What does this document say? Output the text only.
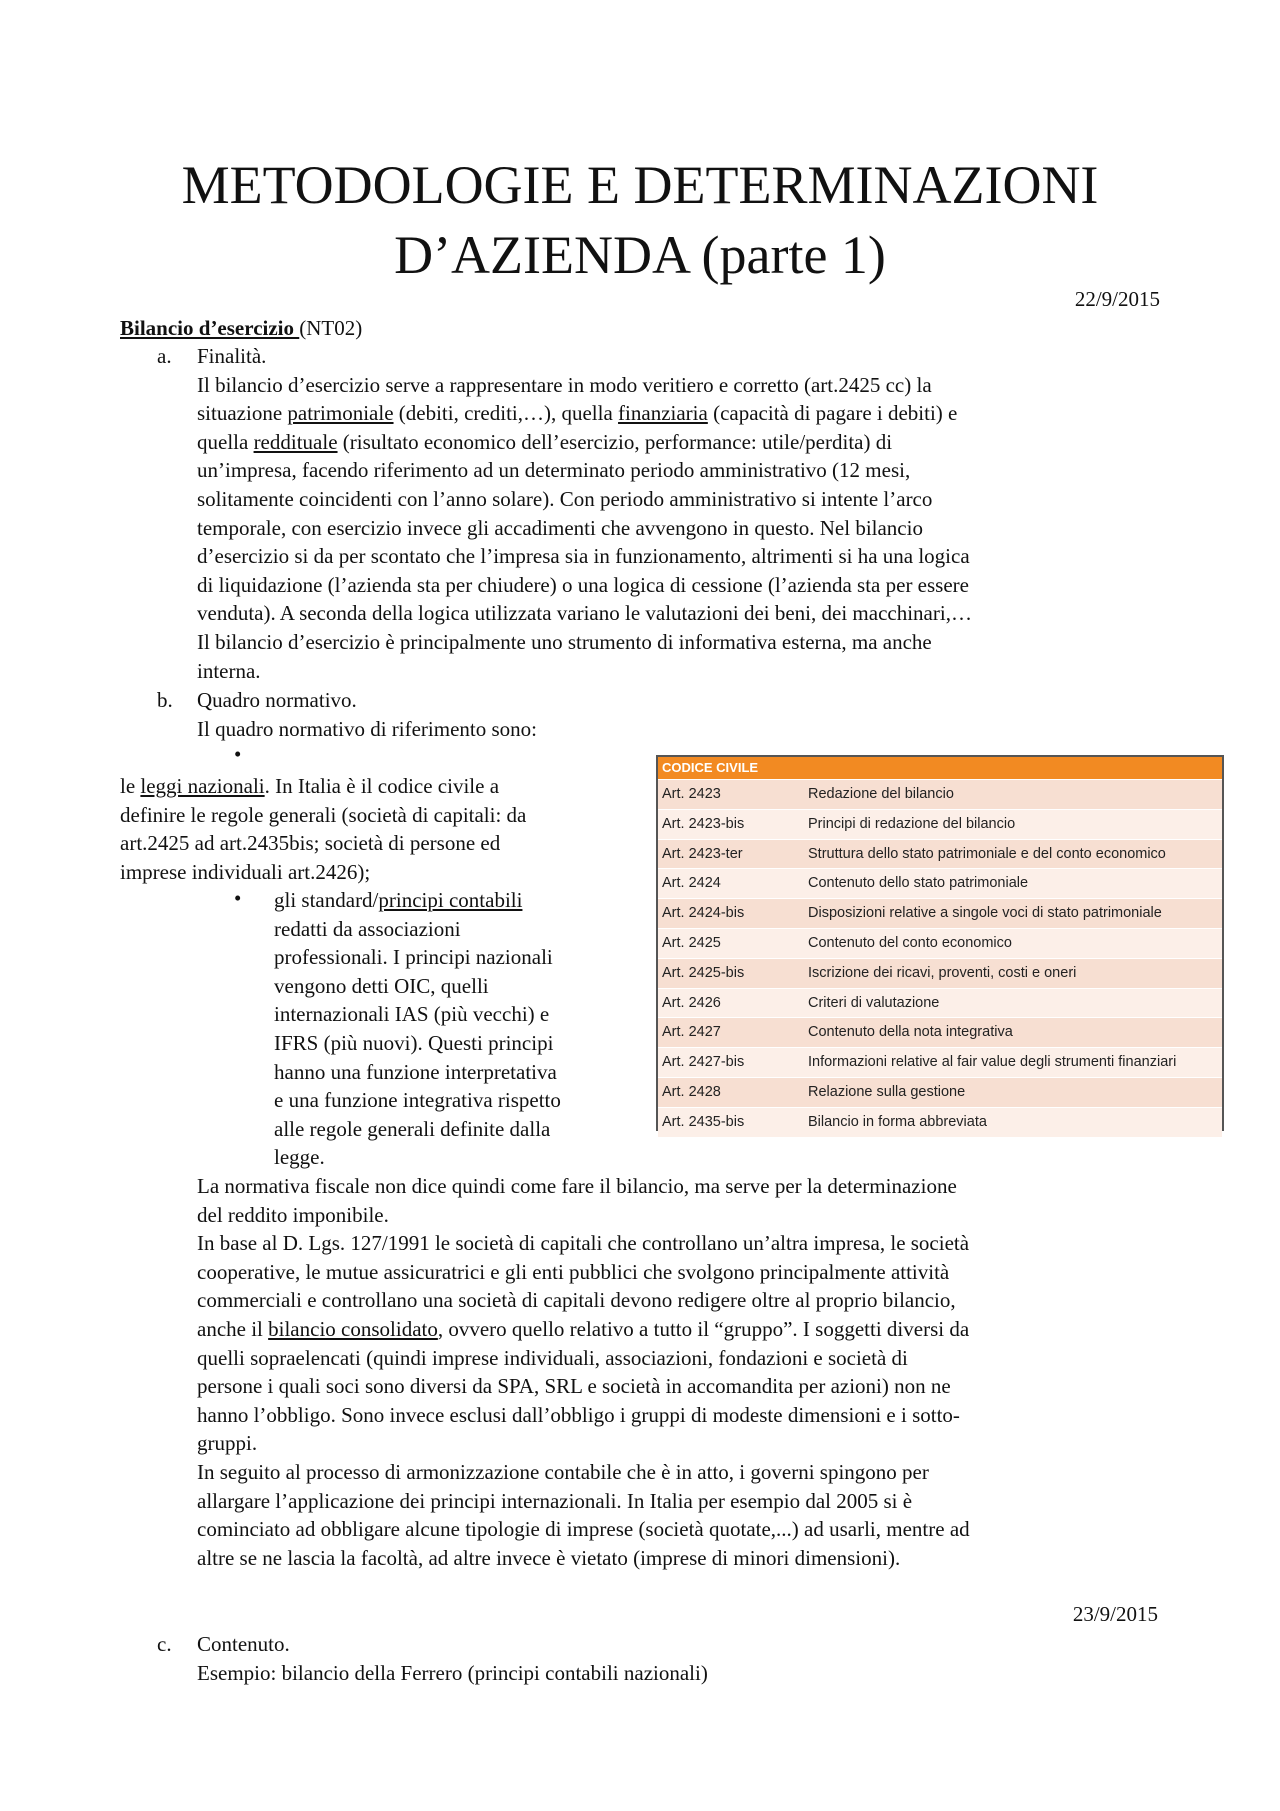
METODOLOGIE E DETERMINAZIONI
D’AZIENDA (parte 1)
22/9/2015
Bilancio d’esercizio (NT02)
a. Finalità.
Il bilancio d’esercizio serve a rappresentare in modo veritiero e corretto (art.2425 cc) la
situazione patrimoniale (debiti, crediti,…), quella finanziaria (capacità di pagare i debiti) e
quella reddituale (risultato economico dell’esercizio, performance: utile/perdita) di
un’impresa, facendo riferimento ad un determinato periodo amministrativo (12 mesi,
solitamente coincidenti con l’anno solare). Con periodo amministrativo si intente l’arco
temporale, con esercizio invece gli accadimenti che avvengono in questo. Nel bilancio
d’esercizio si da per scontato che l’impresa sia in funzionamento, altrimenti si ha una logica
di liquidazione (l’azienda sta per chiudere) o una logica di cessione (l’azienda sta per essere
venduta). A seconda della logica utilizzata variano le valutazioni dei beni, dei macchinari,…
Il bilancio d’esercizio è principalmente uno strumento di informativa esterna, ma anche
interna.
b. Quadro normativo.
Il quadro normativo di riferimento sono:
•
le leggi nazionali. In Italia è il codice civile a
definire le regole generali (società di capitali: da
art.2425 ad art.2435bis; società di persone ed
imprese individuali art.2426);
• gli standard/principi contabili
redatti da associazioni
professionali. I principi nazionali
vengono detti OIC, quelli
internazionali IAS (più vecchi) e
IFRS (più nuovi). Questi principi
hanno una funzione interpretativa
e una funzione integrativa rispetto
alle regole generali definite dalla
legge.
CODICE CIVILE
Art. 2423	Redazione del bilancio
Art. 2423-bis	Principi di redazione del bilancio
Art. 2423-ter	Struttura dello stato patrimoniale e del conto economico
Art. 2424	Contenuto dello stato patrimoniale
Art. 2424-bis	Disposizioni relative a singole voci di stato patrimoniale
Art. 2425	Contenuto del conto economico
Art. 2425-bis	Iscrizione dei ricavi, proventi, costi e oneri
Art. 2426	Criteri di valutazione
Art. 2427	Contenuto della nota integrativa
Art. 2427-bis	Informazioni relative al fair value degli strumenti finanziari
Art. 2428	Relazione sulla gestione
Art. 2435-bis	Bilancio in forma abbreviata
La normativa fiscale non dice quindi come fare il bilancio, ma serve per la determinazione
del reddito imponibile.
In base al D. Lgs. 127/1991 le società di capitali che controllano un’altra impresa, le società
cooperative, le mutue assicuratrici e gli enti pubblici che svolgono principalmente attività
commerciali e controllano una società di capitali devono redigere oltre al proprio bilancio,
anche il bilancio consolidato, ovvero quello relativo a tutto il “gruppo”. I soggetti diversi da
quelli sopraelencati (quindi imprese individuali, associazioni, fondazioni e società di
persone i quali soci sono diversi da SPA, SRL e società in accomandita per azioni) non ne
hanno l’obbligo. Sono invece esclusi dall’obbligo i gruppi di modeste dimensioni e i sotto-
gruppi.
In seguito al processo di armonizzazione contabile che è in atto, i governi spingono per
allargare l’applicazione dei principi internazionali. In Italia per esempio dal 2005 si è
cominciato ad obbligare alcune tipologie di imprese (società quotate,...) ad usarli, mentre ad
altre se ne lascia la facoltà, ad altre invece è vietato (imprese di minori dimensioni).
23/9/2015
c. Contenuto.
Esempio: bilancio della Ferrero (principi contabili nazionali)
